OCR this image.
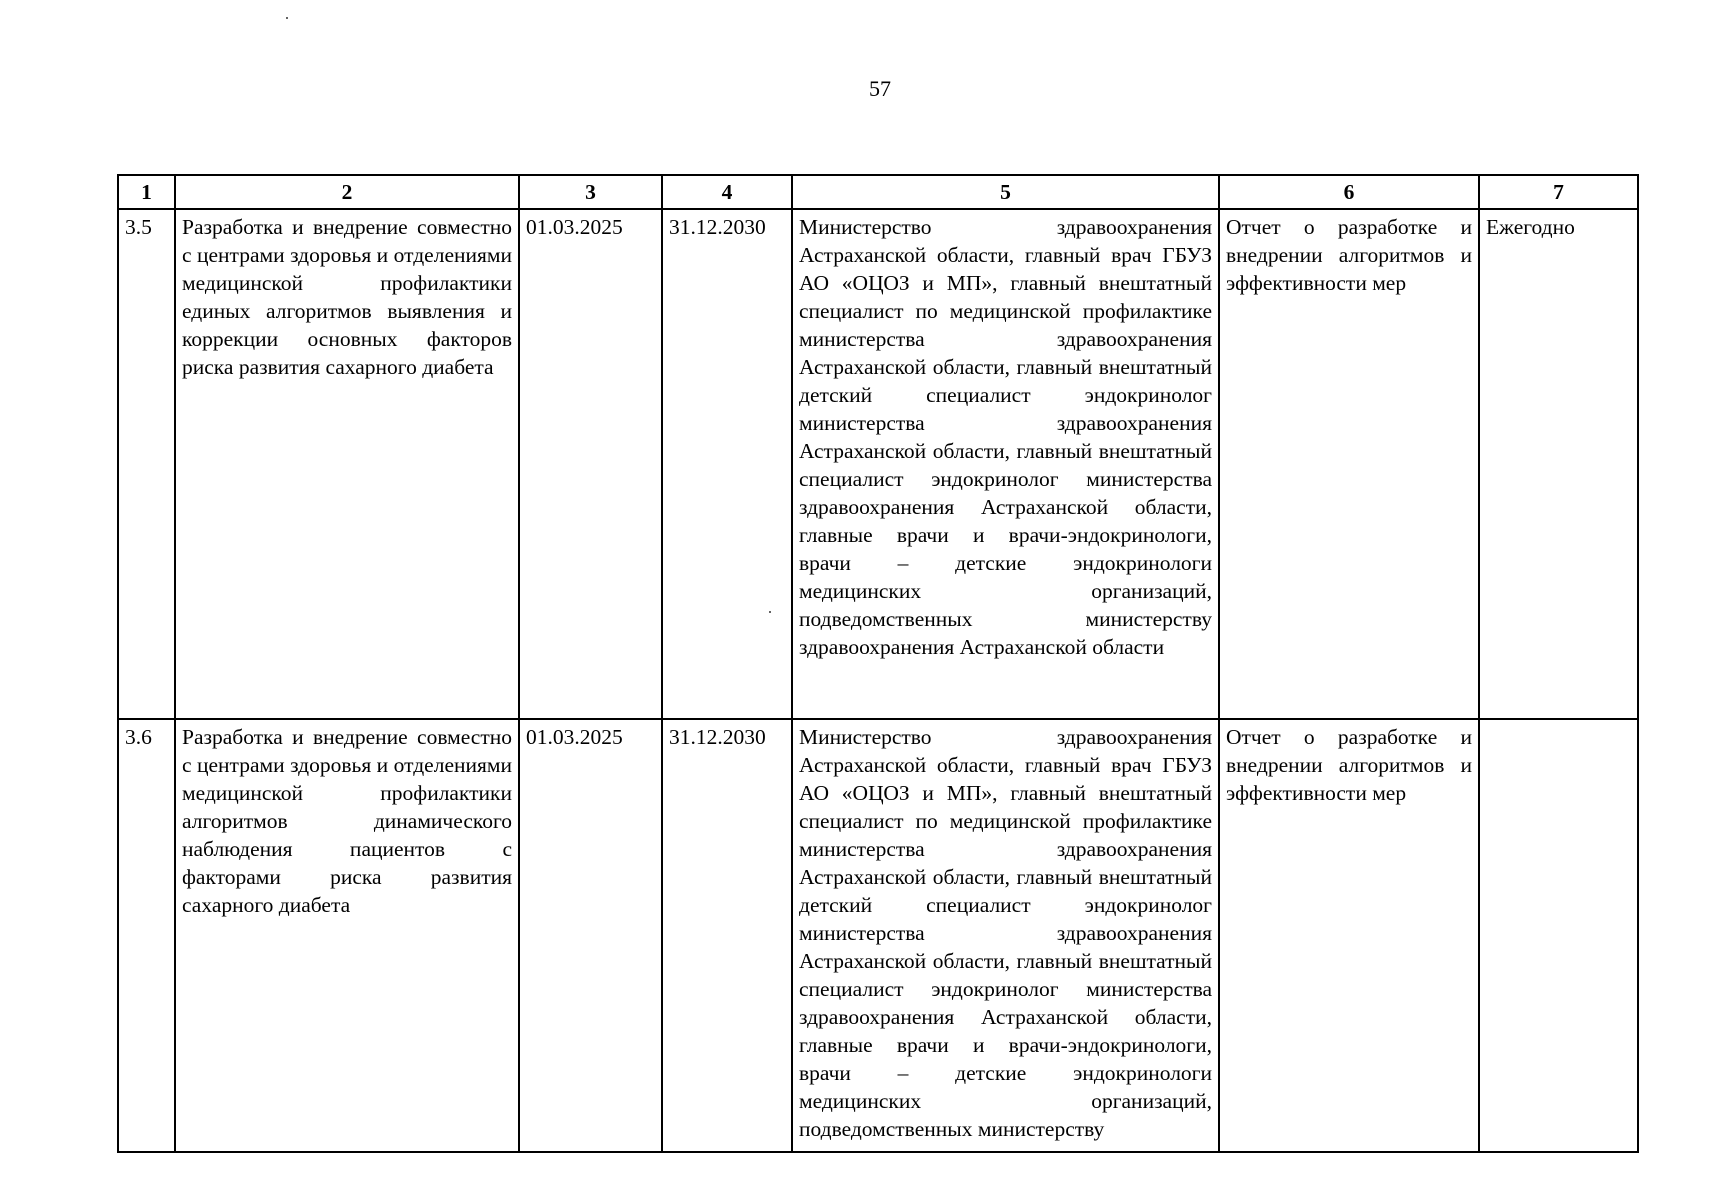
57
1	2	3	4	5	6	7
3.5	Разработка и внедрение совместно с центрами здоровья и отделениями медицинской профилактики единых алгоритмов выявления и коррекции основных факторов риска развития сахарного диабета	01.03.2025	31.12.2030	Министерство здравоохранения Астраханской области, главный врач ГБУЗ АО «ОЦОЗ и МП», главный внештатный специалист по медицинской профилактике министерства здравоохранения Астраханской области, главный внештатный детский специалист эндокринолог министерства здравоохранения Астраханской области, главный внештатный специалист эндокринолог министерства здравоохранения Астраханской области, главные врачи и врачи-эндокринологи, врачи – детские эндокринологи медицинских организаций, подведомственных министерству здравоохранения Астраханской области	Отчет о разработке и внедрении алгоритмов и эффективности мер	Ежегодно
3.6	Разработка и внедрение совместно с центрами здоровья и отделениями медицинской профилактики алгоритмов динамического наблюдения пациентов с факторами риска развития сахарного диабета	01.03.2025	31.12.2030	Министерство здравоохранения Астраханской области, главный врач ГБУЗ АО «ОЦОЗ и МП», главный внештатный специалист по медицинской профилактике министерства здравоохранения Астраханской области, главный внештатный детский специалист эндокринолог министерства здравоохранения Астраханской области, главный внештатный специалист эндокринолог министерства здравоохранения Астраханской области, главные врачи и врачи-эндокринологи, врачи – детские эндокринологи медицинских организаций, подведомственных министерству	Отчет о разработке и внедрении алгоритмов и эффективности мер	
